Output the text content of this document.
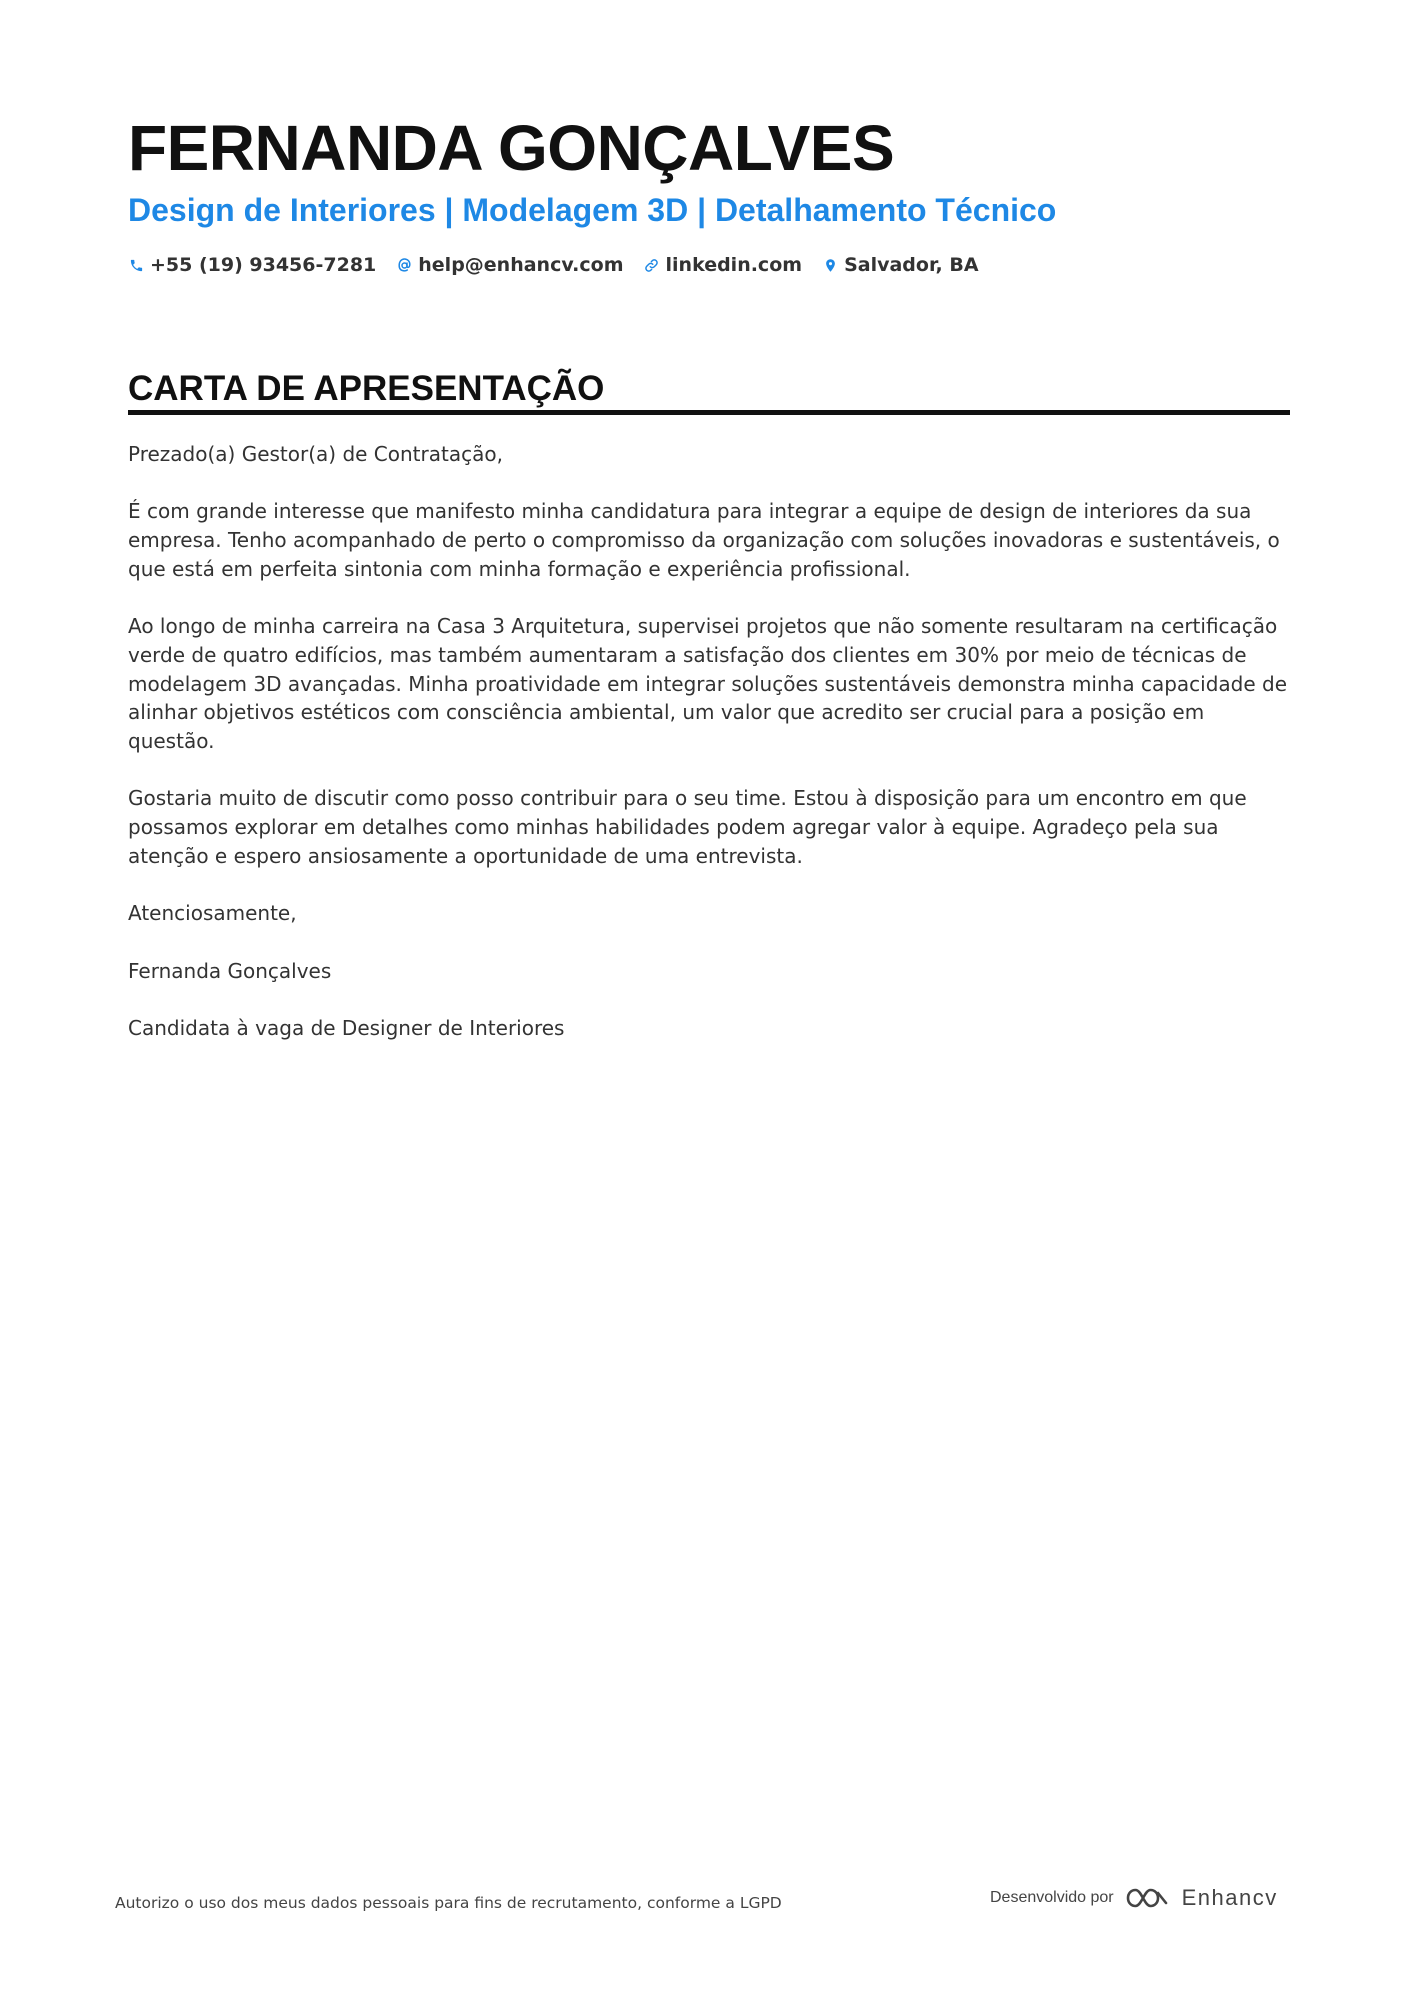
FERNANDA GONÇALVES
Design de Interiores | Modelagem 3D | Detalhamento Técnico
+55 (19) 93456-7281 help@enhancv.com linkedin.com Salvador, BA
CARTA DE APRESENTAÇÃO

Prezado(a) Gestor(a) de Contratação,

É com grande interesse que manifesto minha candidatura para integrar a equipe de design de interiores da sua empresa. Tenho acompanhado de perto o compromisso da organização com soluções inovadoras e sustentáveis, o que está em perfeita sintonia com minha formação e experiência profissional.

Ao longo de minha carreira na Casa 3 Arquitetura, supervisei projetos que não somente resultaram na certificação verde de quatro edifícios, mas também aumentaram a satisfação dos clientes em 30% por meio de técnicas de modelagem 3D avançadas. Minha proatividade em integrar soluções sustentáveis demonstra minha capacidade de alinhar objetivos estéticos com consciência ambiental, um valor que acredito ser crucial para a posição em questão.

Gostaria muito de discutir como posso contribuir para o seu time. Estou à disposição para um encontro em que possamos explorar em detalhes como minhas habilidades podem agregar valor à equipe. Agradeço pela sua atenção e espero ansiosamente a oportunidade de uma entrevista.

Atenciosamente,

Fernanda Gonçalves

Candidata à vaga de Designer de Interiores

Autorizo o uso dos meus dados pessoais para fins de recrutamento, conforme a LGPD	Desenvolvido por	Enhancv
